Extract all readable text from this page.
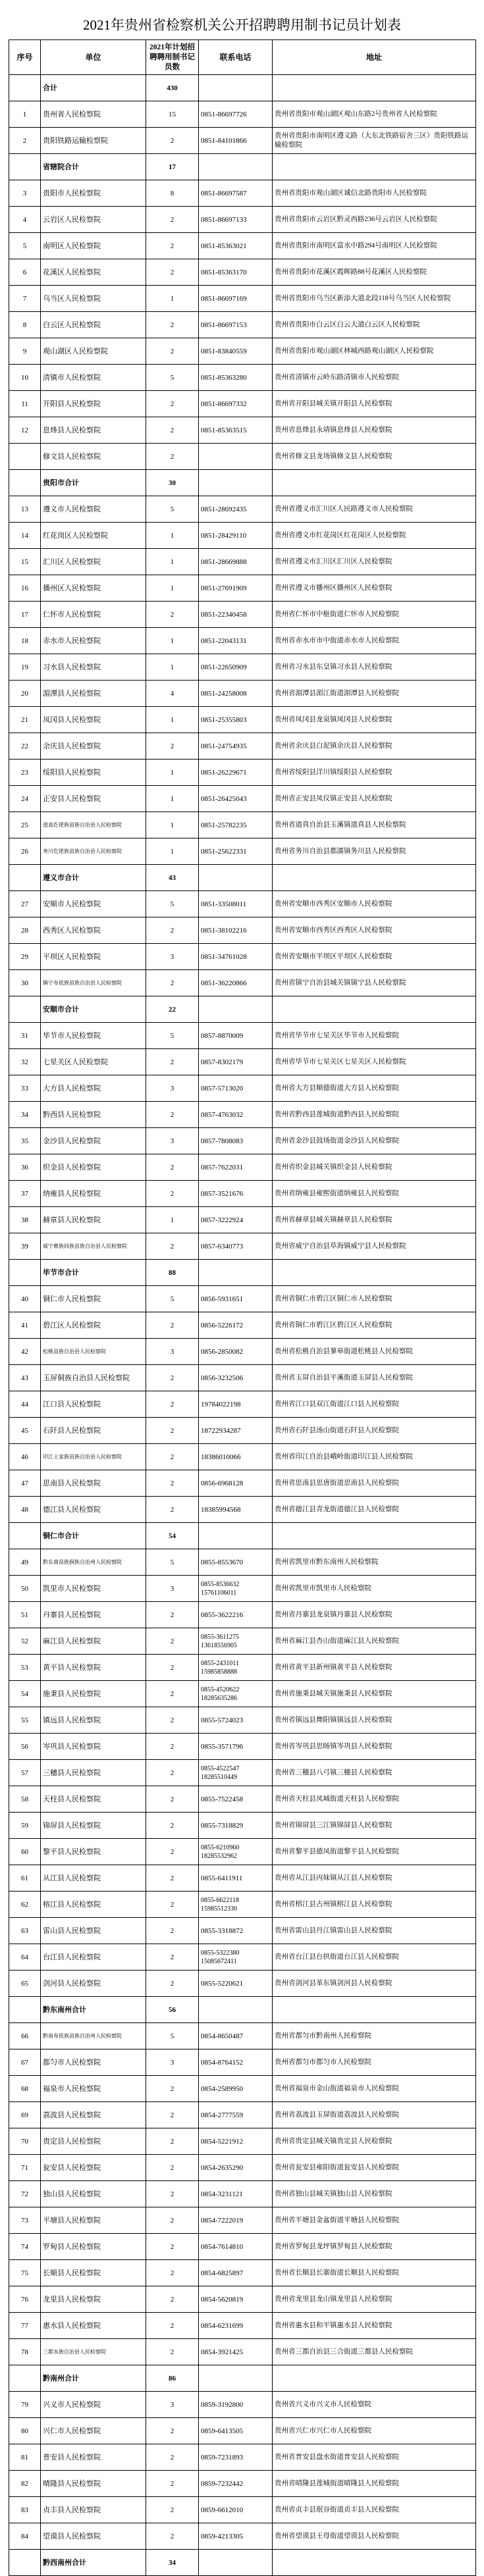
2021年贵州省检察机关公开招聘聘用制书记员计划表
序号	单位	2021年计划招聘聘用制书记员数	联系电话	地址
	合计	430		
1	贵州省人民检察院	15	0851-86697726	贵州省贵阳市观山湖区观山东路2号贵州省人民检察院
2	贵阳铁路运输检察院	2	0851-84101866	贵州省贵阳市南明区遵义路（大东北铁路宿舍三区）贵阳铁路运输检察院
	省辖院合计	17		
3	贵阳市人民检察院	8	0851-86697587	贵州省贵阳市观山湖区诚信北路贵阳市人民检察院
4	云岩区人民检察院	2	0851-86697133	贵州省贵阳市云岩区黔灵西路236号云岩区人民检察院
5	南明区人民检察院	2	0851-85363021	贵州省贵阳市南明区富水中路294号南明区人民检察院
6	花溪区人民检察院	2	0851-85363170	贵州省贵阳市花溪区霞晖路88号花溪区人民检察院
7	乌当区人民检察院	1	0851-86697169	贵州省贵阳市乌当区新添大道北段118号乌当区人民检察院
8	白云区人民检察院	2	0851-86697153	贵州省贵阳市白云区白云大道白云区人民检察院
9	观山湖区人民检察院	2	0851-83840559	贵州省贵阳市观山湖区林城西路观山湖区人民检察院
10	清镇市人民检察院	5	0851-85363280	贵州省清镇市云岭东路清镇市人民检察院
11	开阳县人民检察院	2	0851-86697332	贵州省开阳县城关镇开阳县人民检察院
12	息烽县人民检察院	2	0851-85363515	贵州省息烽县永靖镇息烽县人民检察院
	修文县人民检察院	2		贵州省修文县龙场镇修文县人民检察院
	贵阳市合计	30		
13	遵义市人民检察院	5	0851-28692435	贵州省遵义市汇川区人民路遵义市人民检察院
14	红花岗区人民检察院	1	0851-28429110	贵州省遵义市红花岗区红花岗区人民检察院
15	汇川区人民检察院	1	0851-28669888	贵州省遵义市汇川区汇川区人民检察院
16	播州区人民检察院	1	0851-27691909	贵州省遵义市播州区播州区人民检察院
17	仁怀市人民检察院	2	0851-22340458	贵州省仁怀市中枢街道仁怀市人民检察院
18	赤水市人民检察院	1	0851-22043131	贵州省赤水市市中街道赤水市人民检察院
19	习水县人民检察院	1	0851-22650909	贵州省习水县东皇镇习水县人民检察院
20	湄潭县人民检察院	4	0851-24258008	贵州省湄潭县湄江街道湄潭县人民检察院
21	凤冈县人民检察院	1	0851-25355803	贵州省凤冈县龙泉镇凤冈县人民检察院
22	余庆县人民检察院	2	0851-24754935	贵州省余庆县白泥镇余庆县人民检察院
23	绥阳县人民检察院	1	0851-26229671	贵州省绥阳县洋川镇绥阳县人民检察院
24	正安县人民检察院	1	0851-26425043	贵州省正安县凤仪镇正安县人民检察院
25	道真仡佬族苗族自治县人民检察院	1	0851-25782235	贵州省道真自治县玉溪镇道真县人民检察院
26	务川仡佬族苗族自治县人民检察院	1	0851-25622331	贵州省务川自治县都濡镇务川县人民检察院
	遵义市合计	43		
27	安顺市人民检察院	5	0851-33508011	贵州省安顺市西秀区安顺市人民检察院
28	西秀区人民检察院	2	0851-38102216	贵州省安顺市西秀区西秀区人民检察院
29	平坝区人民检察院	3	0851-34761028	贵州省安顺市平坝区平坝区人民检察院
30	镇宁布依族苗族自治县人民检察院	2	0851-36220866	贵州省镇宁自治县城关镇镇宁县人民检察院
	安顺市合计	22		
31	毕节市人民检察院	5	0857-8870009	贵州省毕节市七星关区毕节市人民检察院
32	七星关区人民检察院	2	0857-8302179	贵州省毕节市七星关区七星关区人民检察院
33	大方县人民检察院	3	0857-5713020	贵州省大方县顺德街道大方县人民检察院
34	黔西县人民检察院	2	0857-4763032	贵州省黔西县莲城街道黔西县人民检察院
35	金沙县人民检察院	3	0857-7808083	贵州省金沙县鼓场街道金沙县人民检察院
36	织金县人民检察院	2	0857-7622031	贵州省织金县城关镇织金县人民检察院
37	纳雍县人民检察院	2	0857-3521676	贵州省纳雍县雍熙街道纳雍县人民检察院
38	赫章县人民检察院	1	0857-3222924	贵州省赫章县城关镇赫章县人民检察院
39	威宁彝族回族苗族自治县人民检察院	2	0857-6340773	贵州省威宁自治县草海镇威宁县人民检察院
	毕节市合计	88		
40	铜仁市人民检察院	5	0856-5931651	贵州省铜仁市碧江区铜仁市人民检察院
41	碧江区人民检察院	2	0856-5226172	贵州省铜仁市碧江区碧江区人民检察院
42	松桃苗族自治县人民检察院	3	0856-2850082	贵州省松桃自治县蓼皋街道松桃县人民检察院
43	玉屏侗族自治县人民检察院	2	0856-3232506	贵州省玉屏自治县平溪街道玉屏县人民检察院
44	江口县人民检察院	2	19784022198	贵州省江口县双江街道江口县人民检察院
45	石阡县人民检察院	2	18722934287	贵州省石阡县汤山街道石阡县人民检察院
46	印江土家族苗族自治县人民检察院	2	18386010066	贵州省印江自治县峨岭街道印江县人民检察院
47	思南县人民检察院	2	0856-6968128	贵州省思南县思唐街道思南县人民检察院
48	德江县人民检察院	2	18385994568	贵州省德江县青龙街道德江县人民检察院
	铜仁市合计	54		
49	黔东南苗族侗族自治州人民检察院	5	0855-8553670	贵州省凯里市黔东南州人民检察院
50	凯里市人民检察院	3	0855-8536632 15761106011	贵州省凯里市凯里市人民检察院
51	丹寨县人民检察院	2	0855-3622216	贵州省丹寨县龙泉镇丹寨县人民检察院
52	麻江县人民检察院	2	0855-3611275 13618556905	贵州省麻江县杏山街道麻江县人民检察院
53	黄平县人民检察院	2	0855-2431011 15985858888	贵州省黄平县新州镇黄平县人民检察院
54	施秉县人民检察院	2	0855-4520622 18285635286	贵州省施秉县城关镇施秉县人民检察院
55	镇远县人民检察院	2	0855-5724023	贵州省镇远县舞阳镇镇远县人民检察院
56	岑巩县人民检察院	2	0855-3571796	贵州省岑巩县思旸镇岑巩县人民检察院
57	三穗县人民检察院	2	0855-4522547 18285510449	贵州省三穗县八弓镇三穗县人民检察院
58	天柱县人民检察院	2	0855-7522458	贵州省天柱县凤城街道天柱县人民检察院
59	锦屏县人民检察院	2	0855-7318829	贵州省锦屏县三江镇锦屏县人民检察院
60	黎平县人民检察院	2	0855-6210960 18285532962	贵州省黎平县德凤街道黎平县人民检察院
61	从江县人民检察院	2	0855-6411911	贵州省从江县丙妹镇从江县人民检察院
62	榕江县人民检察院	2	0855-6622118 15985512330	贵州省榕江县古州镇榕江县人民检察院
63	雷山县人民检察院	2	0855-3318872	贵州省雷山县丹江镇雷山县人民检察院
64	台江县人民检察院	2	0855-5322380 15085672411	贵州省台江县台拱街道台江县人民检察院
65	剑河县人民检察院	2	0855-5220621	贵州省剑河县革东镇剑河县人民检察院
	黔东南州合计	56		
66	黔南布依族苗族自治州人民检察院	5	0854-8650487	贵州省都匀市黔南州人民检察院
67	都匀市人民检察院	3	0854-8764152	贵州省都匀市都匀市人民检察院
68	福泉市人民检察院	2	0854-2589950	贵州省福泉市金山街道福泉市人民检察院
69	荔波县人民检察院	2	0854-2777559	贵州省荔波县玉屏街道荔波县人民检察院
70	贵定县人民检察院	2	0854-5221912	贵州省贵定县城关镇贵定县人民检察院
71	瓮安县人民检察院	2	0854-2635290	贵州省瓮安县雍阳街道瓮安县人民检察院
72	独山县人民检察院	2	0854-3231121	贵州省独山县城关镇独山县人民检察院
73	平塘县人民检察院	2	0854-7222019	贵州省平塘县金盆街道平塘县人民检察院
74	罗甸县人民检察院	2	0854-7614810	贵州省罗甸县龙坪镇罗甸县人民检察院
75	长顺县人民检察院	2	0854-6825897	贵州省长顺县长寨街道长顺县人民检察院
76	龙里县人民检察院	2	0854-5620819	贵州省龙里县龙山镇龙里县人民检察院
77	惠水县人民检察院	2	0854-6231699	贵州省惠水县和平镇惠水县人民检察院
78	三都水族自治县人民检察院	2	0854-3921425	贵州省三都自治县三合街道三都县人民检察院
	黔南州合计	86		
79	兴义市人民检察院	3	0859-3192800	贵州省兴义市兴义市人民检察院
80	兴仁市人民检察院	2	0859-6413505	贵州省兴仁市兴仁市人民检察院
81	普安县人民检察院	2	0859-7231893	贵州省普安县盘水街道普安县人民检察院
82	晴隆县人民检察院	2	0859-7232442	贵州省晴隆县莲城街道晴隆县人民检察院
83	贞丰县人民检察院	2	0859-6612010	贵州省贞丰县珉谷街道贞丰县人民检察院
84	望谟县人民检察院	2	0859-4213305	贵州省望谟县王母街道望谟县人民检察院
	黔西南州合计	34		
